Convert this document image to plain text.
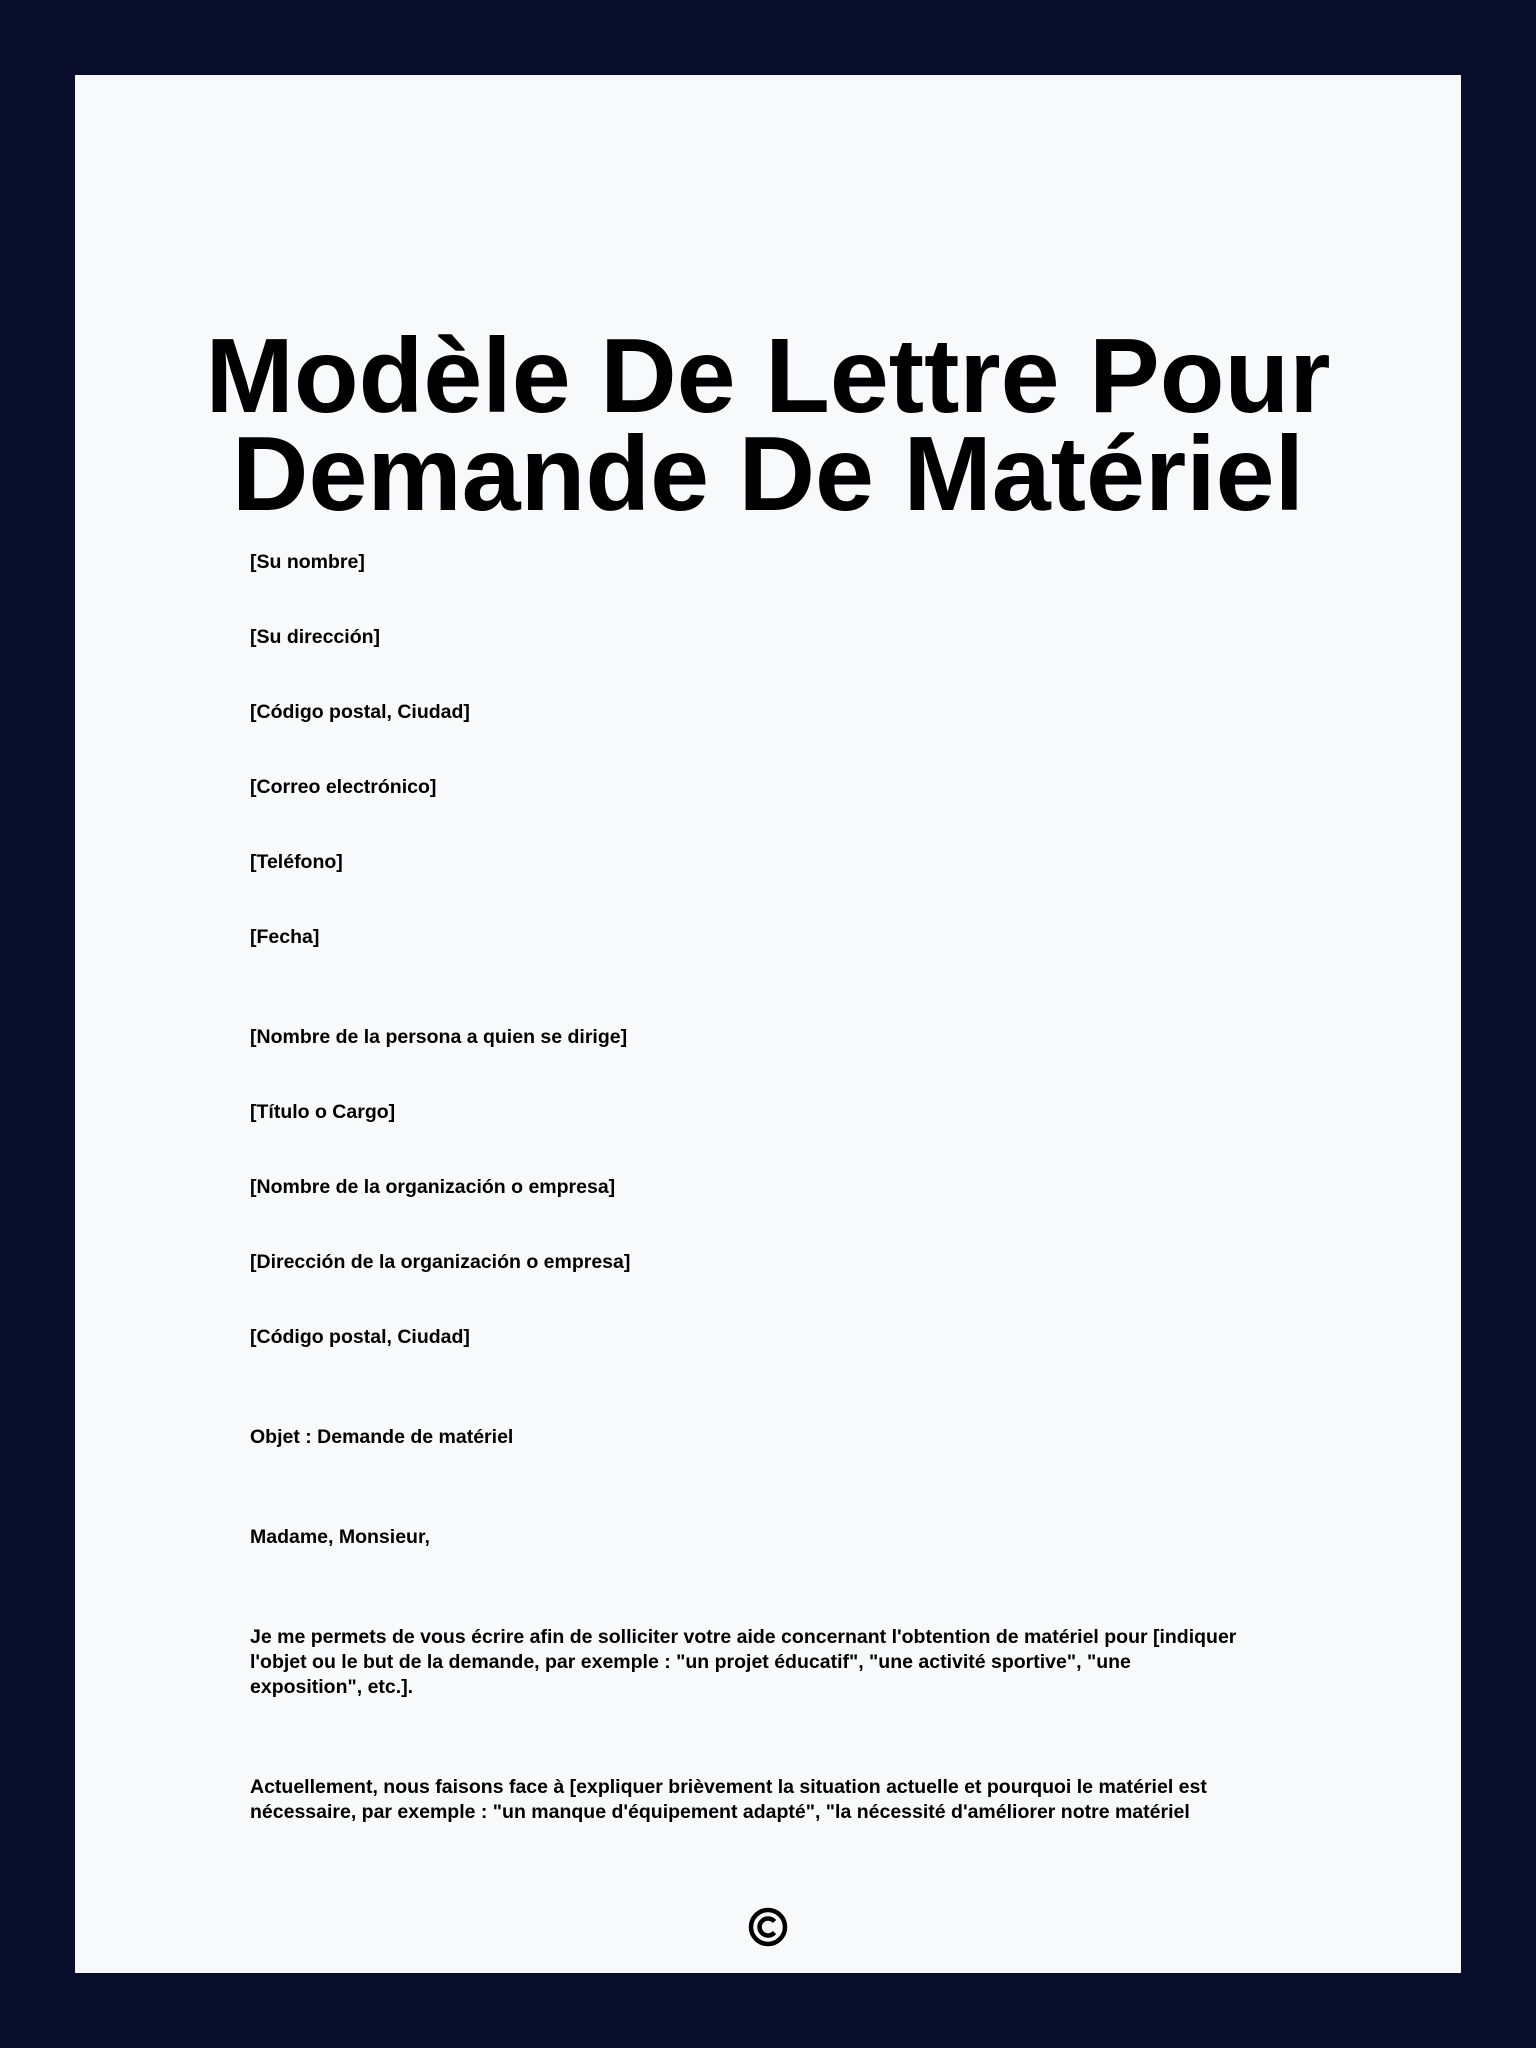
Modèle De Lettre Pour
Demande De Matériel

[Su nombre]

[Su dirección]

[Código postal, Ciudad]

[Correo electrónico]

[Teléfono]

[Fecha]

[Nombre de la persona a quien se dirige]

[Título o Cargo]

[Nombre de la organización o empresa]

[Dirección de la organización o empresa]

[Código postal, Ciudad]

Objet : Demande de matériel

Madame, Monsieur,

Je me permets de vous écrire afin de solliciter votre aide concernant l'obtention de matériel pour [indiquer
l'objet ou le but de la demande, par exemple : "un projet éducatif", "une activité sportive", "une
exposition", etc.].
Actuellement, nous faisons face à [expliquer brièvement la situation actuelle et pourquoi le matériel est
nécessaire, par exemple : "un manque d'équipement adapté", "la nécessité d'améliorer notre matériel
